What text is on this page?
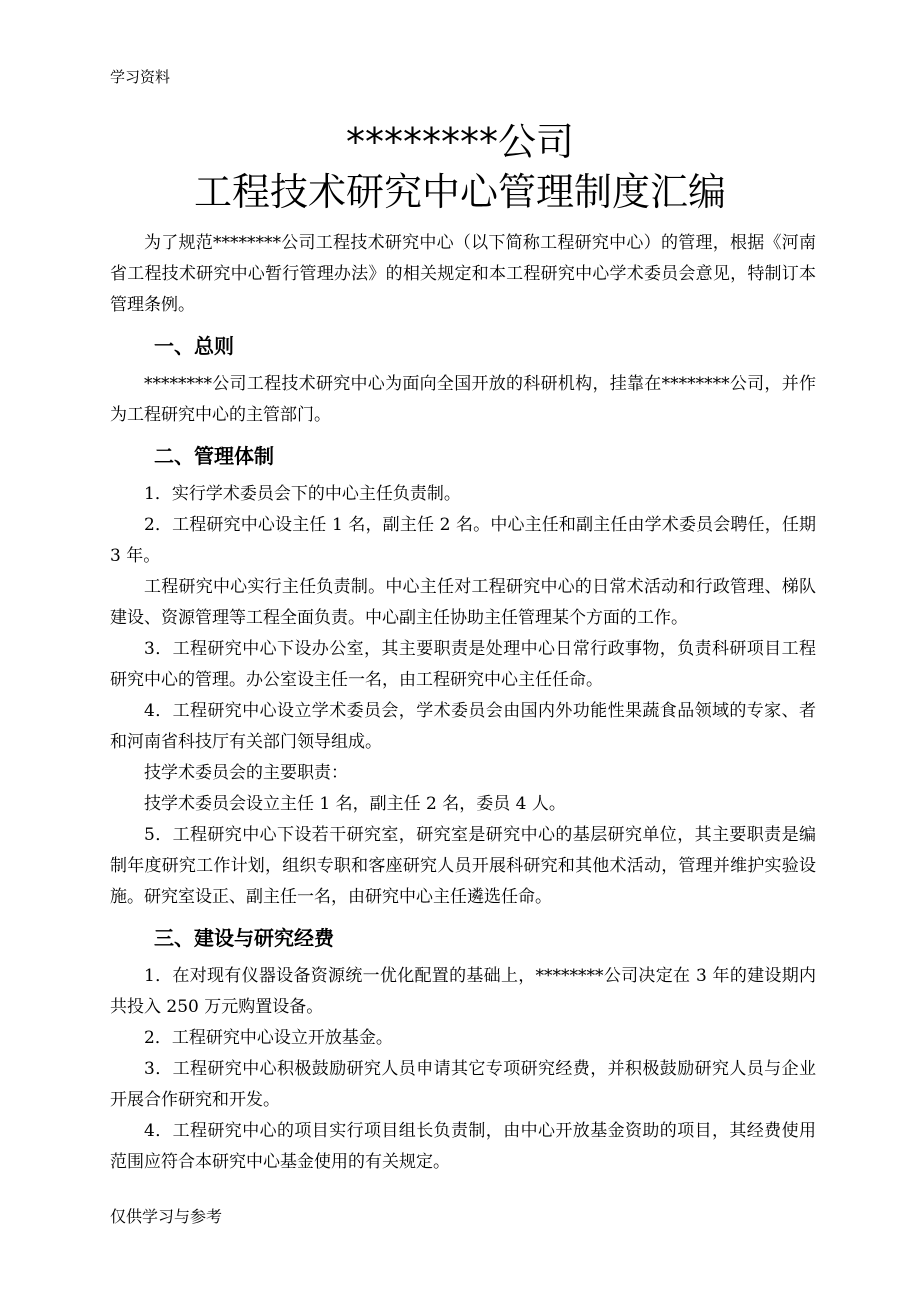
学习资料
********公司
工程技术研究中心管理制度汇编

为了规范********公司工程技术研究中心（以下简称工程研究中心）的管理，根据《河南省工程技术研究中心暂行管理办法》的相关规定和本工程研究中心学术委员会意见，特制订本管理条例。

一、总则

********公司工程技术研究中心为面向全国开放的科研机构，挂靠在********公司，并作为工程研究中心的主管部门。

二、管理体制

1．实行学术委员会下的中心主任负责制。

2．工程研究中心设主任 1 名，副主任 2 名。中心主任和副主任由学术委员会聘任，任期 3 年。

工程研究中心实行主任负责制。中心主任对工程研究中心的日常术活动和行政管理、梯队建设、资源管理等工程全面负责。中心副主任协助主任管理某个方面的工作。

3．工程研究中心下设办公室，其主要职责是处理中心日常行政事物，负责科研项目工程研究中心的管理。办公室设主任一名，由工程研究中心主任任命。

4．工程研究中心设立学术委员会，学术委员会由国内外功能性果蔬食品领域的专家、者和河南省科技厅有关部门领导组成。

技学术委员会的主要职责：

技学术委员会设立主任 1 名，副主任 2 名，委员 4 人。

5．工程研究中心下设若干研究室，研究室是研究中心的基层研究单位，其主要职责是编制年度研究工作计划，组织专职和客座研究人员开展科研究和其他术活动，管理并维护实验设施。研究室设正、副主任一名，由研究中心主任遴选任命。

三、建设与研究经费

1．在对现有仪器设备资源统一优化配置的基础上，********公司决定在 3 年的建设期内共投入 250 万元购置设备。

2．工程研究中心设立开放基金。

3．工程研究中心积极鼓励研究人员申请其它专项研究经费，并积极鼓励研究人员与企业开展合作研究和开发。

4．工程研究中心的项目实行项目组长负责制，由中心开放基金资助的项目，其经费使用范围应符合本研究中心基金使用的有关规定。

仅供学习与参考
